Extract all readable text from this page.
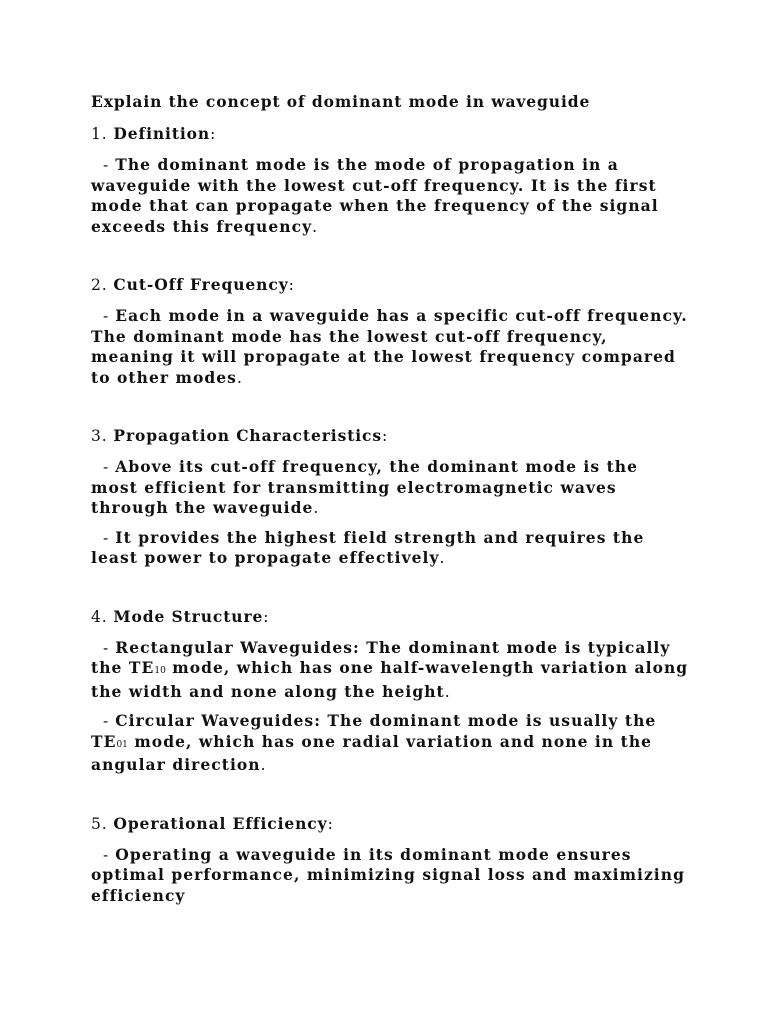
Explain the concept of dominant mode in waveguide

1. Definition:

- The dominant mode is the mode of propagation in a waveguide with the lowest cut-off frequency. It is the first mode that can propagate when the frequency of the signal exceeds this frequency.

2. Cut-Off Frequency:

- Each mode in a waveguide has a specific cut-off frequency. The dominant mode has the lowest cut-off frequency, meaning it will propagate at the lowest frequency compared to other modes.

3. Propagation Characteristics:

- Above its cut-off frequency, the dominant mode is the most efficient for transmitting electromagnetic waves through the waveguide.

- It provides the highest field strength and requires the least power to propagate effectively.

4. Mode Structure:

- Rectangular Waveguides: The dominant mode is typically the TE10 mode, which has one half-wavelength variation along the width and none along the height.

- Circular Waveguides: The dominant mode is usually the TE01 mode, which has one radial variation and none in the angular direction.

5. Operational Efficiency:

- Operating a waveguide in its dominant mode ensures optimal performance, minimizing signal loss and maximizing efficiency
